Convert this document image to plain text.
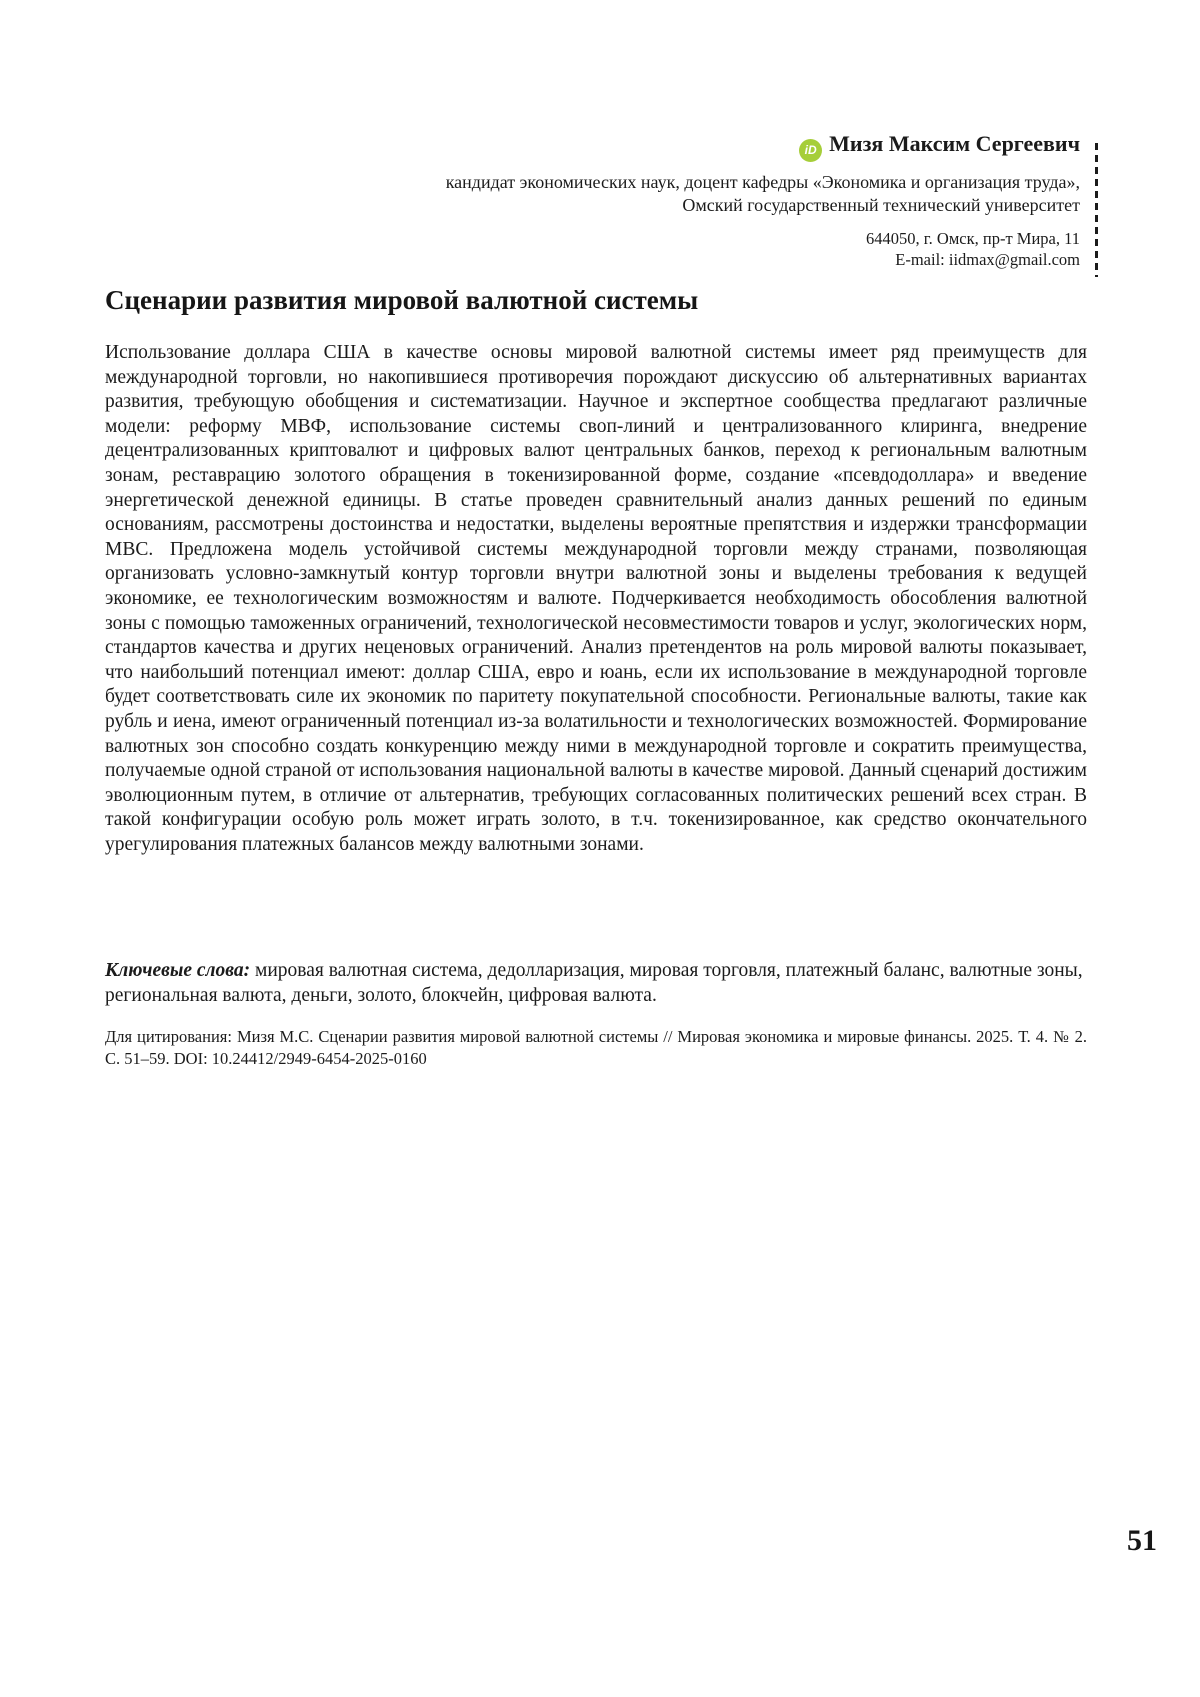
iD Мизя Максим Сергеевич
кандидат экономических наук, доцент кафедры «Экономика и организация труда»,
Омский государственный технический университет
644050, г. Омск, пр-т Мира, 11
E-mail: iidmax@gmail.com
Сценарии развития мировой валютной системы

Использование доллара США в качестве основы мировой валютной системы имеет ряд преимуществ для международной торговли, но накопившиеся противоречия порождают дискуссию об альтернативных вариантах развития, требующую обобщения и систематизации. Научное и экспертное сообщества предлагают различные модели: реформу МВФ, использование системы своп-линий и централизованного клиринга, внедрение децентрализованных криптовалют и цифровых валют центральных банков, переход к региональным валютным зонам, реставрацию золотого обращения в токенизированной форме, создание «псевдодоллара» и введение энергетической денежной единицы. В статье проведен сравнительный анализ данных решений по единым основаниям, рассмотрены достоинства и недостатки, выделены вероятные препятствия и издержки трансформации МВС. Предложена модель устойчивой системы международной торговли между странами, позволяющая организовать условно-замкнутый контур торговли внутри валютной зоны и выделены требования к ведущей экономике, ее технологическим возможностям и валюте. Подчеркивается необходимость обособления валютной зоны с помощью таможенных ограничений, технологической несовместимости товаров и услуг, экологических норм, стандартов качества и других неценовых ограничений. Анализ претендентов на роль мировой валюты показывает, что наибольший потенциал имеют: доллар США, евро и юань, если их использование в международной торговле будет соответствовать силе их экономик по паритету покупательной способности. Региональные валюты, такие как рубль и иена, имеют ограниченный потенциал из-за волатильности и технологических возможностей. Формирование валютных зон способно создать конкуренцию между ними в международной торговле и сократить преимущества, получаемые одной страной от использования национальной валюты в качестве мировой. Данный сценарий достижим эволюционным путем, в отличие от альтернатив, требующих согласованных политических решений всех стран. В такой конфигурации особую роль может играть золото, в т.ч. токенизированное, как средство окончательного урегулирования платежных балансов между валютными зонами.

Ключевые слова: мировая валютная система, дедолларизация, мировая торговля, платежный баланс, валютные зоны, региональная валюта, деньги, золото, блокчейн, цифровая валюта.

Для цитирования: Мизя М.С. Сценарии развития мировой валютной системы // Мировая экономика и мировые финансы. 2025. Т. 4. № 2. С. 51–59. DOI: 10.24412/2949-6454-2025-0160

51
